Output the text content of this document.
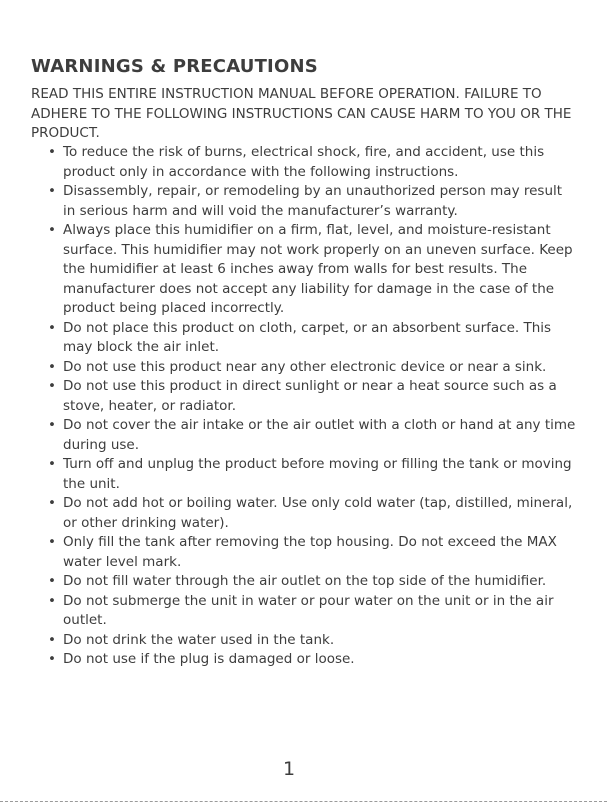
WARNINGS & PRECAUTIONS

READ THIS ENTIRE INSTRUCTION MANUAL BEFORE OPERATION. FAILURE TO ADHERE TO THE FOLLOWING INSTRUCTIONS CAN CAUSE HARM TO YOU OR THE PRODUCT.

• To reduce the risk of burns, electrical shock, fire, and accident, use this product only in accordance with the following instructions.
• Disassembly, repair, or remodeling by an unauthorized person may result in serious harm and will void the manufacturer’s warranty.
• Always place this humidifier on a firm, flat, level, and moisture-resistant surface. This humidifier may not work properly on an uneven surface. Keep the humidifier at least 6 inches away from walls for best results. The manufacturer does not accept any liability for damage in the case of the product being placed incorrectly.
• Do not place this product on cloth, carpet, or an absorbent surface. This may block the air inlet.
• Do not use this product near any other electronic device or near a sink.
• Do not use this product in direct sunlight or near a heat source such as a stove, heater, or radiator.
• Do not cover the air intake or the air outlet with a cloth or hand at any time during use.
• Turn off and unplug the product before moving or filling the tank or moving the unit.
• Do not add hot or boiling water. Use only cold water (tap, distilled, mineral, or other drinking water).
• Only fill the tank after removing the top housing. Do not exceed the MAX water level mark.
• Do not fill water through the air outlet on the top side of the humidifier.
• Do not submerge the unit in water or pour water on the unit or in the air outlet.
• Do not drink the water used in the tank.
• Do not use if the plug is damaged or loose.
1
